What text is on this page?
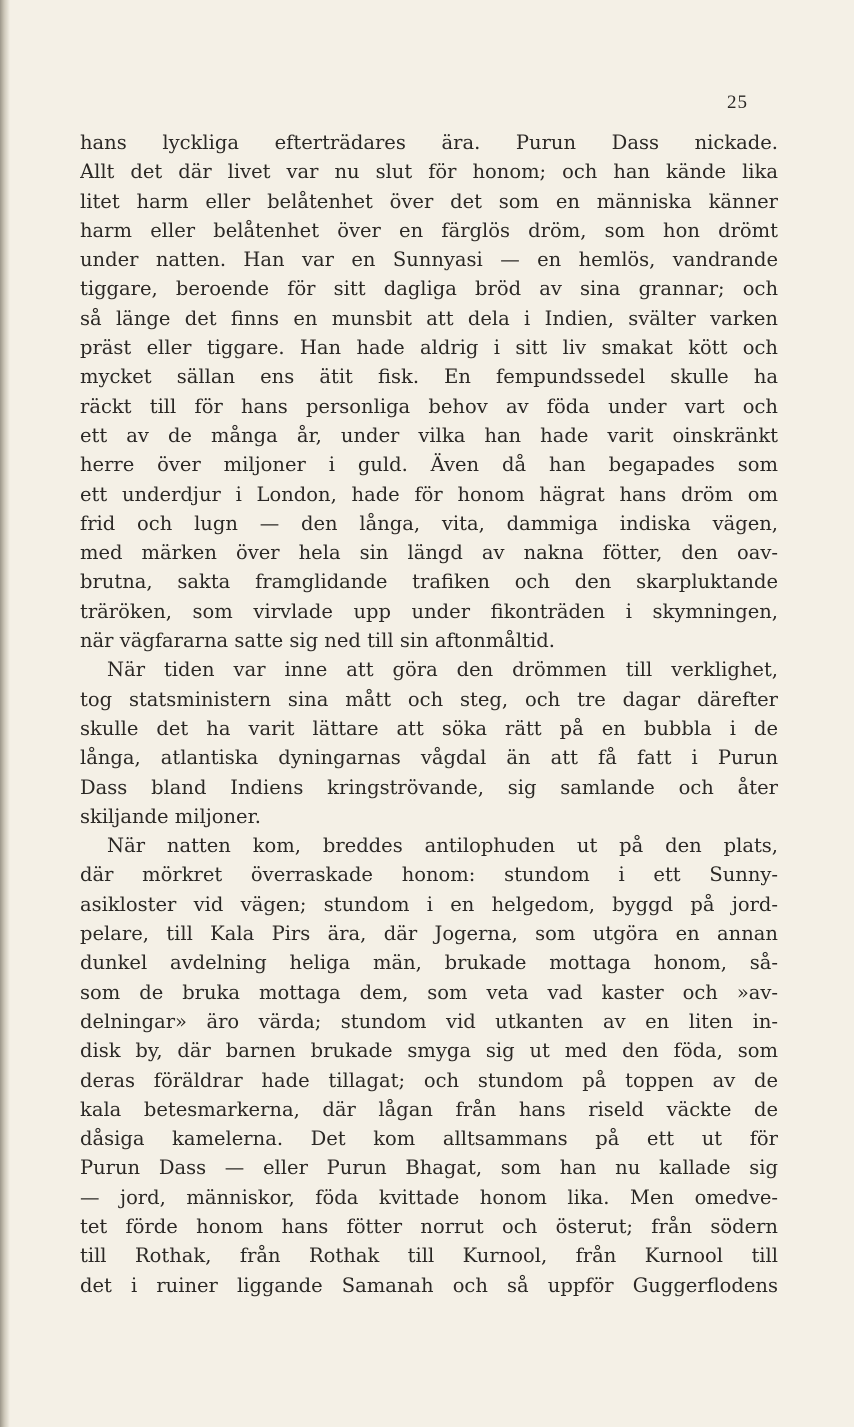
25
hans lyckliga efterträdares ära. Purun Dass nickade.
Allt det där livet var nu slut för honom; och han kände lika
litet harm eller belåtenhet över det som en människa känner
harm eller belåtenhet över en färglös dröm, som hon drömt
under natten. Han var en Sunnyasi — en hemlös, vandrande
tiggare, beroende för sitt dagliga bröd av sina grannar; och
så länge det finns en munsbit att dela i Indien, svälter varken
präst eller tiggare. Han hade aldrig i sitt liv smakat kött och
mycket sällan ens ätit fisk. En fempundssedel skulle ha
räckt till för hans personliga behov av föda under vart och
ett av de många år, under vilka han hade varit oinskränkt
herre över miljoner i guld. Även då han begapades som
ett underdjur i London, hade för honom hägrat hans dröm om
frid och lugn — den långa, vita, dammiga indiska vägen,
med märken över hela sin längd av nakna fötter, den oav-
brutna, sakta framglidande trafiken och den skarpluktande
träröken, som virvlade upp under fikonträden i skymningen,
när vägfararna satte sig ned till sin aftonmåltid.
När tiden var inne att göra den drömmen till verklighet,
tog statsministern sina mått och steg, och tre dagar därefter
skulle det ha varit lättare att söka rätt på en bubbla i de
långa, atlantiska dyningarnas vågdal än att få fatt i Purun
Dass bland Indiens kringströvande, sig samlande och åter
skiljande miljoner.
När natten kom, breddes antilophuden ut på den plats,
där mörkret överraskade honom: stundom i ett Sunny-
asikloster vid vägen; stundom i en helgedom, byggd på jord-
pelare, till Kala Pirs ära, där Jogerna, som utgöra en annan
dunkel avdelning heliga män, brukade mottaga honom, så-
som de bruka mottaga dem, som veta vad kaster och »av-
delningar» äro värda; stundom vid utkanten av en liten in-
disk by, där barnen brukade smyga sig ut med den föda, som
deras föräldrar hade tillagat; och stundom på toppen av de
kala betesmarkerna, där lågan från hans riseld väckte de
dåsiga kamelerna. Det kom alltsammans på ett ut för
Purun Dass — eller Purun Bhagat, som han nu kallade sig
— jord, människor, föda kvittade honom lika. Men omedve-
tet förde honom hans fötter norrut och österut; från södern
till Rothak, från Rothak till Kurnool, från Kurnool till
det i ruiner liggande Samanah och så uppför Guggerflodens
